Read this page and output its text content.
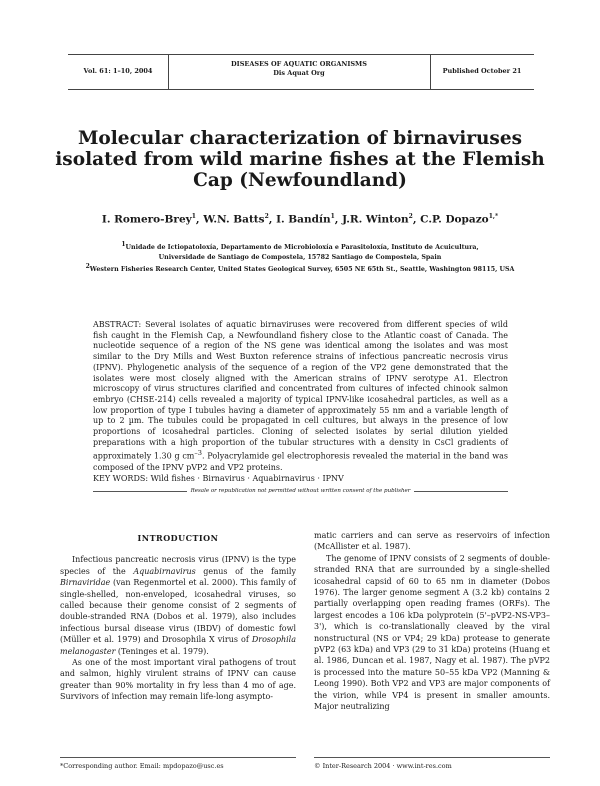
Vol. 61: 1–10, 2004
DISEASES OF AQUATIC ORGANISMS
Dis Aquat Org	Published October 21
Molecular characterization of birnaviruses isolated from wild marine fishes at the Flemish Cap (Newfoundland)
I. Romero-Brey$^1$, W.N. Batts$^2$, I. Bandín$^1$, J.R. Winton$^2$, C.P. Dopazo$^{1,*}$
$^1$Unidade de Ictiopatoloxía, Departamento de Microbioloxía e Parasitoloxía, Instituto de Acuicultura,
Universidade de Santiago de Compostela, 15782 Santiago de Compostela, Spain
$^2$Western Fisheries Research Center, United States Geological Survey, 6505 NE 65th St., Seattle, Washington 98115, USA
ABSTRACT: Several isolates of aquatic birnaviruses were recovered from different species of wild fish caught in the Flemish Cap, a Newfoundland fishery close to the Atlantic coast of Canada. The nucleotide sequence of a region of the NS gene was identical among the isolates and was most similar to the Dry Mills and West Buxton reference strains of infectious pancreatic necrosis virus (IPNV). Phylogenetic analysis of the sequence of a region of the VP2 gene demonstrated that the isolates were most closely aligned with the American strains of IPNV serotype A1. Electron microscopy of virus structures clarified and concentrated from cultures of infected chinook salmon embryo (CHSE-214) cells revealed a majority of typical IPNV-like icosahedral particles, as well as a low proportion of type I tubules having a diameter of approximately 55 nm and a variable length of up to 2 µm. The tubules could be propagated in cell cultures, but always in the presence of low proportions of icosahedral particles. Cloning of selected isolates by serial dilution yielded preparations with a high proportion of the tubular structures with a density in CsCl gradients of approximately 1.30 g $cm^{-3}$. Polyacrylamide gel electrophoresis revealed the material in the band was composed of the IPNV pVP2 and VP2 proteins.
KEY WORDS: Wild fishes · Birnavirus · Aquabirnavirus · IPNV
Resale or republication not permitted without written consent of the publisher
INTRODUCTION

Infectious pancreatic necrosis virus (IPNV) is the type species of the Aquabirnavirus genus of the family Birnaviridae (van Regenmortel et al. 2000). This family of single-shelled, non-enveloped, icosahedral viruses, so called because their genome consist of 2 segments of double-stranded RNA (Dobos et al. 1979), also includes infectious bursal disease virus (IBDV) of domestic fowl (Müller et al. 1979) and Drosophila X virus of Drosophila melanogaster (Teninges et al. 1979).

As one of the most important viral pathogens of trout and salmon, highly virulent strains of IPNV can cause greater than 90% mortality in fry less than 4 mo of age. Survivors of infection may remain life-long asympto-

matic carriers and can serve as reservoirs of infection (McAllister et al. 1987).

The genome of IPNV consists of 2 segments of double-stranded RNA that are surrounded by a single-shelled icosahedral capsid of 60 to 65 nm in diameter (Dobos 1976). The larger genome segment A (3.2 kb) contains 2 partially overlapping open reading frames (ORFs). The largest encodes a 106 kDa polyprotein (5'–pVP2-NS-VP3–3'), which is co-translationally cleaved by the viral nonstructural (NS or VP4; 29 kDa) protease to generate pVP2 (63 kDa) and VP3 (29 to 31 kDa) proteins (Huang et al. 1986, Duncan et al. 1987, Nagy et al. 1987). The pVP2 is processed into the mature 50–55 kDa VP2 (Manning & Leong 1990). Both VP2 and VP3 are major components of the virion, while VP4 is present in smaller amounts. Major neutralizing

*Corresponding author. Email: mpdopazo@usc.es	© Inter-Research 2004 · www.int-res.com
